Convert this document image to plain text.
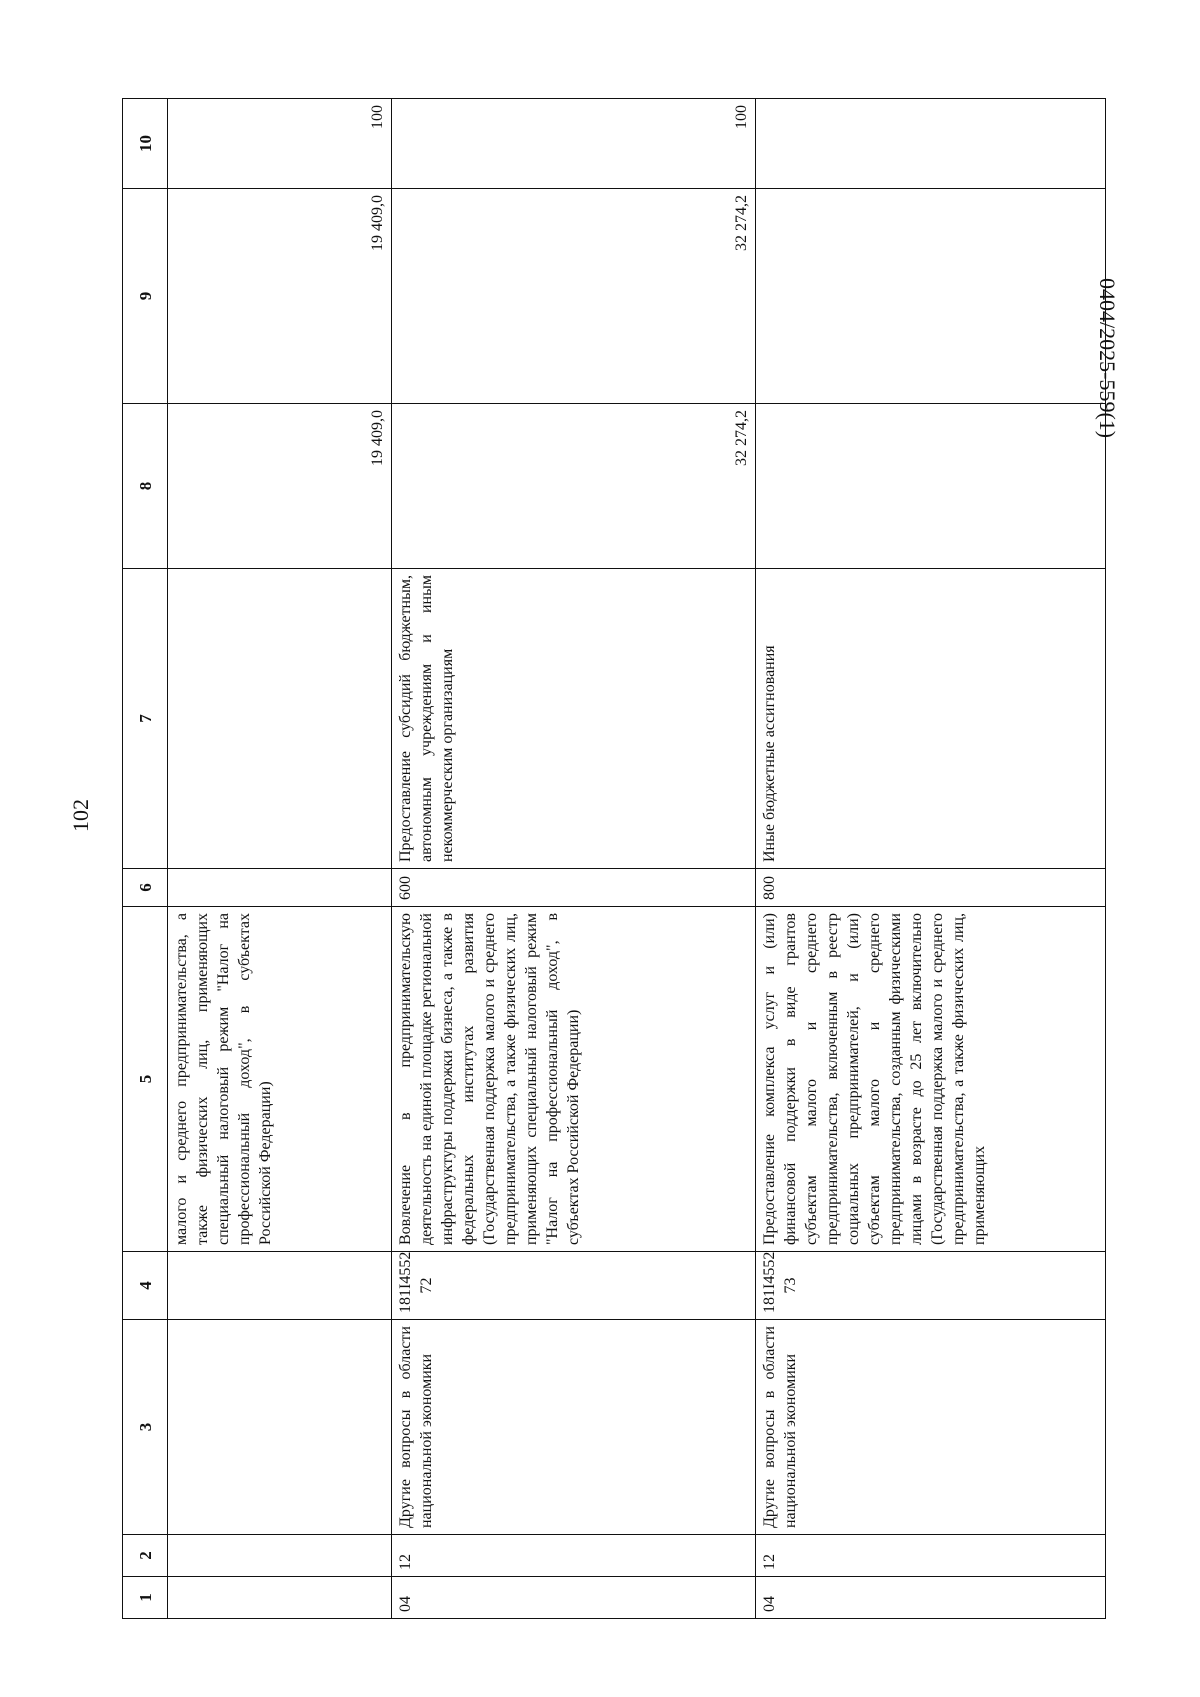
102
0404/2025-559(1)
1	2	3	4	5	6	7	8	9	10
				малого и среднего предпринимательства, а также физических лиц, применяющих специальный налоговый режим "Налог на профессиональный доход", в субъектах Российской Федерации)			19 409,0	19 409,0	100
04	12	Другие вопросы в области национальной экономики	181I4552 72	Вовлечение в предпринимательскую деятельность на единой площадке региональной инфраструктуры поддержки бизнеса, а также в федеральных институтах развития (Государственная поддержка малого и среднего предпринимательства, а также физических лиц, применяющих специальный налоговый режим "Налог на профессиональный доход", в субъектах Российской Федерации)	600	Предоставление субсидий бюджетным, автономным учреждениям и иным некоммерческим организациям	32 274,2	32 274,2	100
04	12	Другие вопросы в области национальной экономики	181I4552 73	Предоставление комплекса услуг и (или) финансовой поддержки в виде грантов субъектам малого и среднего предпринимательства, включенным в реестр социальных предпринимателей, и (или) субъектам малого и среднего предпринимательства, созданным физическими лицами в возрасте до 25 лет включительно (Государственная поддержка малого и среднего предпринимательства, а также физических лиц, применяющих	800	Иные бюджетные ассигнования			
